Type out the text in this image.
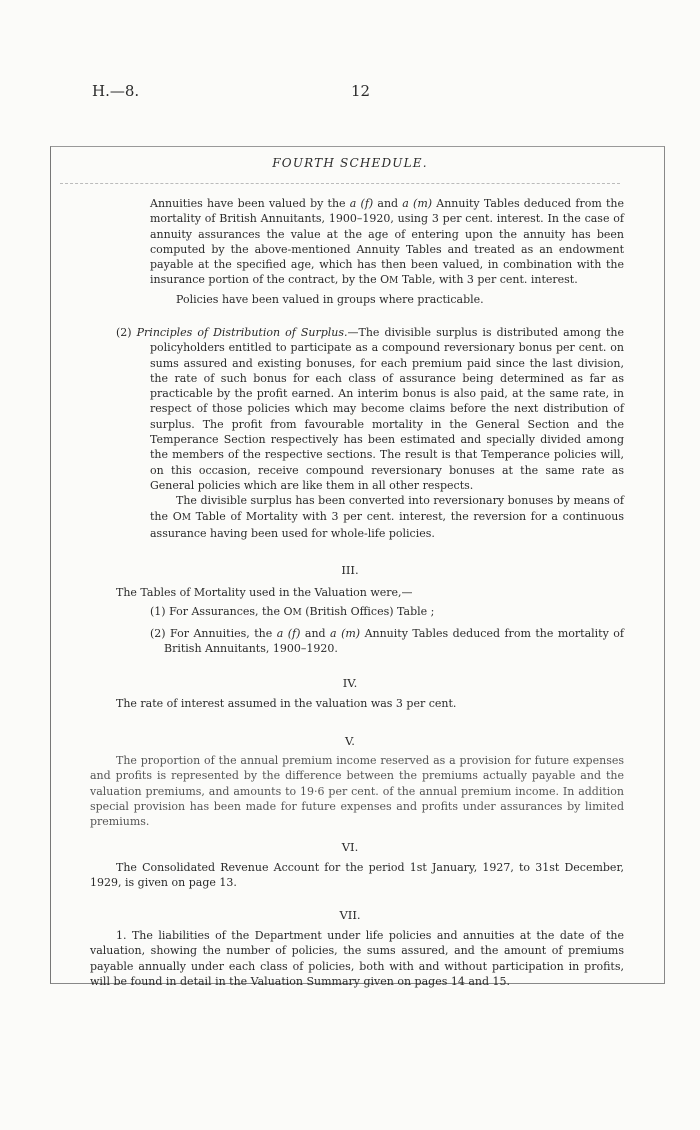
H.—8.	12
FOURTH SCHEDULE.

Annuities have been valued by the a (f) and a (m) Annuity Tables deduced from the mortality of British Annuitants, 1900–1920, using 3 per cent. interest. In the case of annuity assurances the value at the age of entering upon the annuity has been computed by the above-mentioned Annuity Tables and treated as an endowment payable at the specified age, which has then been valued, in combination with the insurance portion of the contract, by the OM Table, with 3 per cent. interest.

Policies have been valued in groups where practicable.

(2) Principles of Distribution of Surplus.—The divisible surplus is distributed among the policyholders entitled to participate as a compound reversionary bonus per cent. on sums assured and existing bonuses, for each premium paid since the last division, the rate of such bonus for each class of assurance being determined as far as practicable by the profit earned. An interim bonus is also paid, at the same rate, in respect of those policies which may become claims before the next distribution of surplus. The profit from favourable mortality in the General Section and the Temperance Section respectively has been estimated and specially divided among the members of the respective sections. The result is that Temperance policies will, on this occasion, receive compound reversionary bonuses at the same rate as General policies which are like them in all other respects.

The divisible surplus has been converted into reversionary bonuses by means of the OM Table of Mortality with 3 per cent. interest, the reversion for a continuous assurance having been used for whole-life policies.

III.

The Tables of Mortality used in the Valuation were,—

(1) For Assurances, the OM (British Offices) Table ;

(2) For Annuities, the a (f) and a (m) Annuity Tables deduced from the mortality of British Annuitants, 1900–1920.

IV.
The rate of interest assumed in the valuation was 3 per cent.
V.
The proportion of the annual premium income reserved as a provision for future expenses and profits is represented by the difference between the premiums actually payable and the valuation premiums, and amounts to 19·6 per cent. of the annual premium income. In addition special provision has been made for future expenses and profits under assurances by limited premiums.
VI.
The Consolidated Revenue Account for the period 1st January, 1927, to 31st December, 1929, is given on page 13.
VII.
1. The liabilities of the Department under life policies and annuities at the date of the valuation, showing the number of policies, the sums assured, and the amount of premiums payable annually under each class of policies, both with and without participation in profits, will be found in detail in the Valuation Summary given on pages 14 and 15.
